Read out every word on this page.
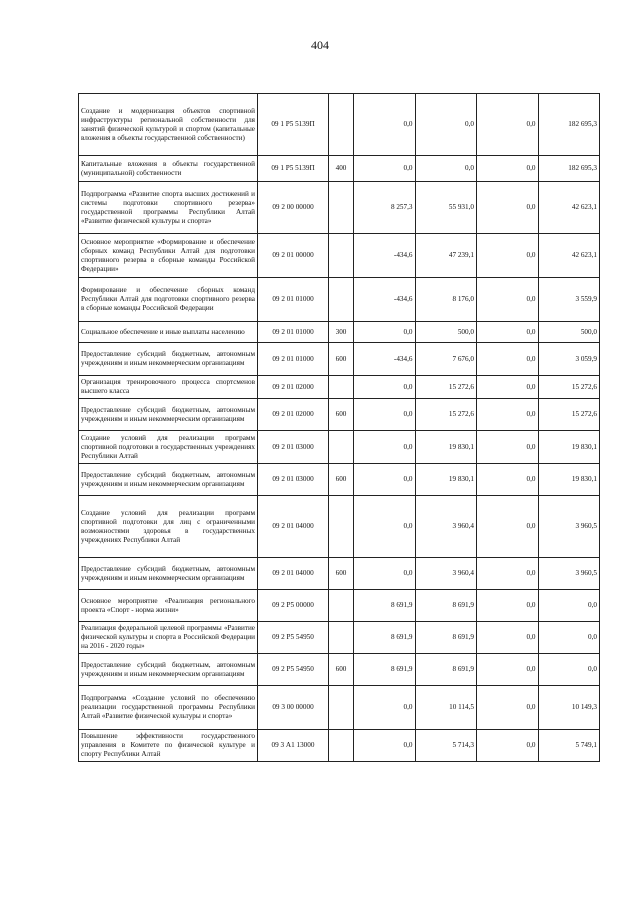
404
Создание и модернизация объектов спортивной инфраструктуры региональной собственности для занятий физической культурой и спортом (капитальные вложения в объекты государственной собственности)	09 1 P5 5139П		0,0	0,0	0,0	182 695,3
Капитальные вложения в объекты государственной (муниципальной) собственности	09 1 P5 5139П	400	0,0	0,0	0,0	182 695,3
Подпрограмма «Развитие спорта высших достижений и системы подготовки спортивного резерва» государственной программы Республики Алтай «Развитие физической культуры и спорта»	09 2 00 00000		8 257,3	55 931,0	0,0	42 623,1
Основное мероприятие «Формирование и обеспечение сборных команд Республики Алтай для подготовки спортивного резерва в сборные команды Российской Федерации»	09 2 01 00000		-434,6	47 239,1	0,0	42 623,1
Формирование и обеспечение сборных команд Республики Алтай для подготовки спортивного резерва в сборные команды Российской Федерации	09 2 01 01000		-434,6	8 176,0	0,0	3 559,9
Социальное обеспечение и иные выплаты населению	09 2 01 01000	300	0,0	500,0	0,0	500,0
Предоставление субсидий бюджетным, автономным учреждениям и иным некоммерческим организациям	09 2 01 01000	600	-434,6	7 676,0	0,0	3 059,9
Организация тренировочного процесса спортсменов высшего класса	09 2 01 02000		0,0	15 272,6	0,0	15 272,6
Предоставление субсидий бюджетным, автономным учреждениям и иным некоммерческим организациям	09 2 01 02000	600	0,0	15 272,6	0,0	15 272,6
Создание условий для реализации программ спортивной подготовки в государственных учреждениях Республики Алтай	09 2 01 03000		0,0	19 830,1	0,0	19 830,1
Предоставление субсидий бюджетным, автономным учреждениям и иным некоммерческим организациям	09 2 01 03000	600	0,0	19 830,1	0,0	19 830,1
Создание условий для реализации программ спортивной подготовки для лиц с ограниченными возможностями здоровья в государственных учреждениях Республики Алтай	09 2 01 04000		0,0	3 960,4	0,0	3 960,5
Предоставление субсидий бюджетным, автономным учреждениям и иным некоммерческим организациям	09 2 01 04000	600	0,0	3 960,4	0,0	3 960,5
Основное мероприятие «Реализация регионального проекта «Спорт - норма жизни»	09 2 P5 00000		8 691,9	8 691,9	0,0	0,0
Реализация федеральной целевой программы «Развитие физической культуры и спорта в Российской Федерации на 2016 - 2020 годы»	09 2 P5 54950		8 691,9	8 691,9	0,0	0,0
Предоставление субсидий бюджетным, автономным учреждениям и иным некоммерческим организациям	09 2 P5 54950	600	8 691,9	8 691,9	0,0	0,0
Подпрограмма «Создание условий по обеспечению реализации государственной программы Республики Алтай «Развитие физической культуры и спорта»	09 3 00 00000		0,0	10 114,5	0,0	10 149,3
Повышение эффективности государственного управления в Комитете по физической культуре и спорту Республики Алтай	09 3 А1 13000		0,0	5 714,3	0,0	5 749,1
